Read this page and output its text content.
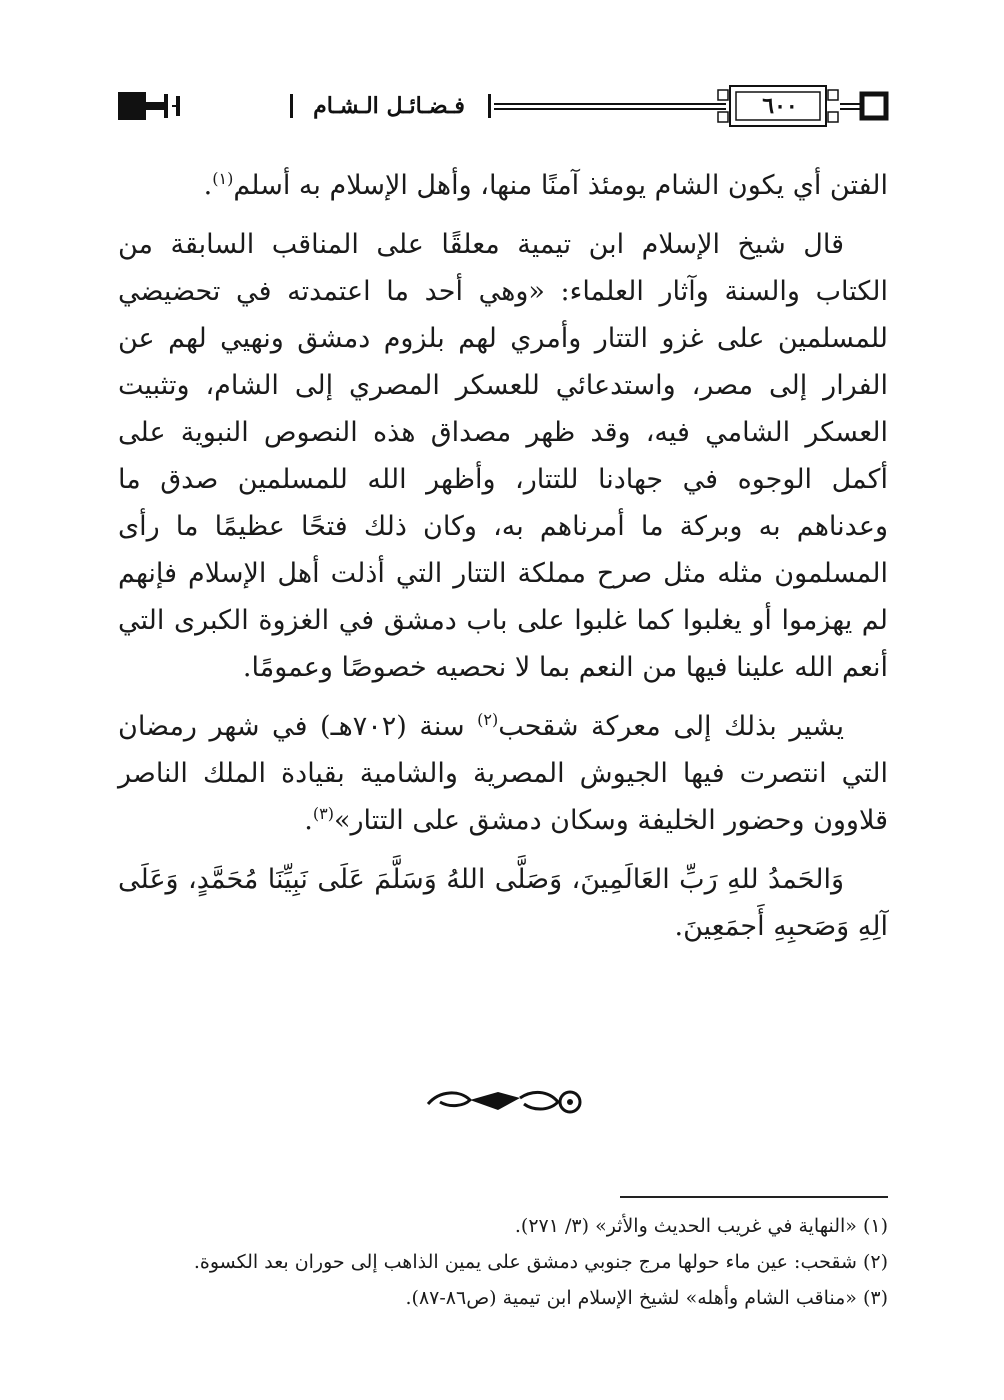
فـضـائـل الـشـام	٦٠٠

الفتن أي يكون الشام يومئذ آمنًا منها، وأهل الإسلام به أسلم$^{(١)}$.

قال شيخ الإسلام ابن تيمية معلقًا على المناقب السابقة من الكتاب والسنة وآثار العلماء: «وهي أحد ما اعتمدته في تحضيضي للمسلمين على غزو التتار وأمري لهم بلزوم دمشق ونهيي لهم عن الفرار إلى مصر، واستدعائي للعسكر المصري إلى الشام، وتثبيت العسكر الشامي فيه، وقد ظهر مصداق هذه النصوص النبوية على أكمل الوجوه في جهادنا للتتار، وأظهر الله للمسلمين صدق ما وعدناهم به وبركة ما أمرناهم به، وكان ذلك فتحًا عظيمًا ما رأى المسلمون مثله مثل صرح مملكة التتار التي أذلت أهل الإسلام فإنهم لم يهزموا أو يغلبوا كما غلبوا على باب دمشق في الغزوة الكبرى التي أنعم الله علينا فيها من النعم بما لا نحصيه خصوصًا وعمومًا.

يشير بذلك إلى معركة شقحب$^{(٢)}$ سنة (٧٠٢هـ) في شهر رمضان التي انتصرت فيها الجيوش المصرية والشامية بقيادة الملك الناصر قلاوون وحضور الخليفة وسكان دمشق على التتار»$^{(٣)}$.

وَالحَمدُ للهِ رَبِّ العَالَمِينَ، وَصَلَّى اللهُ وَسَلَّمَ عَلَى نَبِيِّنَا مُحَمَّدٍ، وَعَلَى آلِهِ وَصَحبِهِ أَجمَعِينَ.

(١) «النهاية في غريب الحديث والأثر» (٣/ ٢٧١).
(٢) شقحب: عين ماء حولها مرج جنوبي دمشق على يمين الذاهب إلى حوران بعد الكسوة.
(٣) «مناقب الشام وأهله» لشيخ الإسلام ابن تيمية (ص٨٦-٨٧).
